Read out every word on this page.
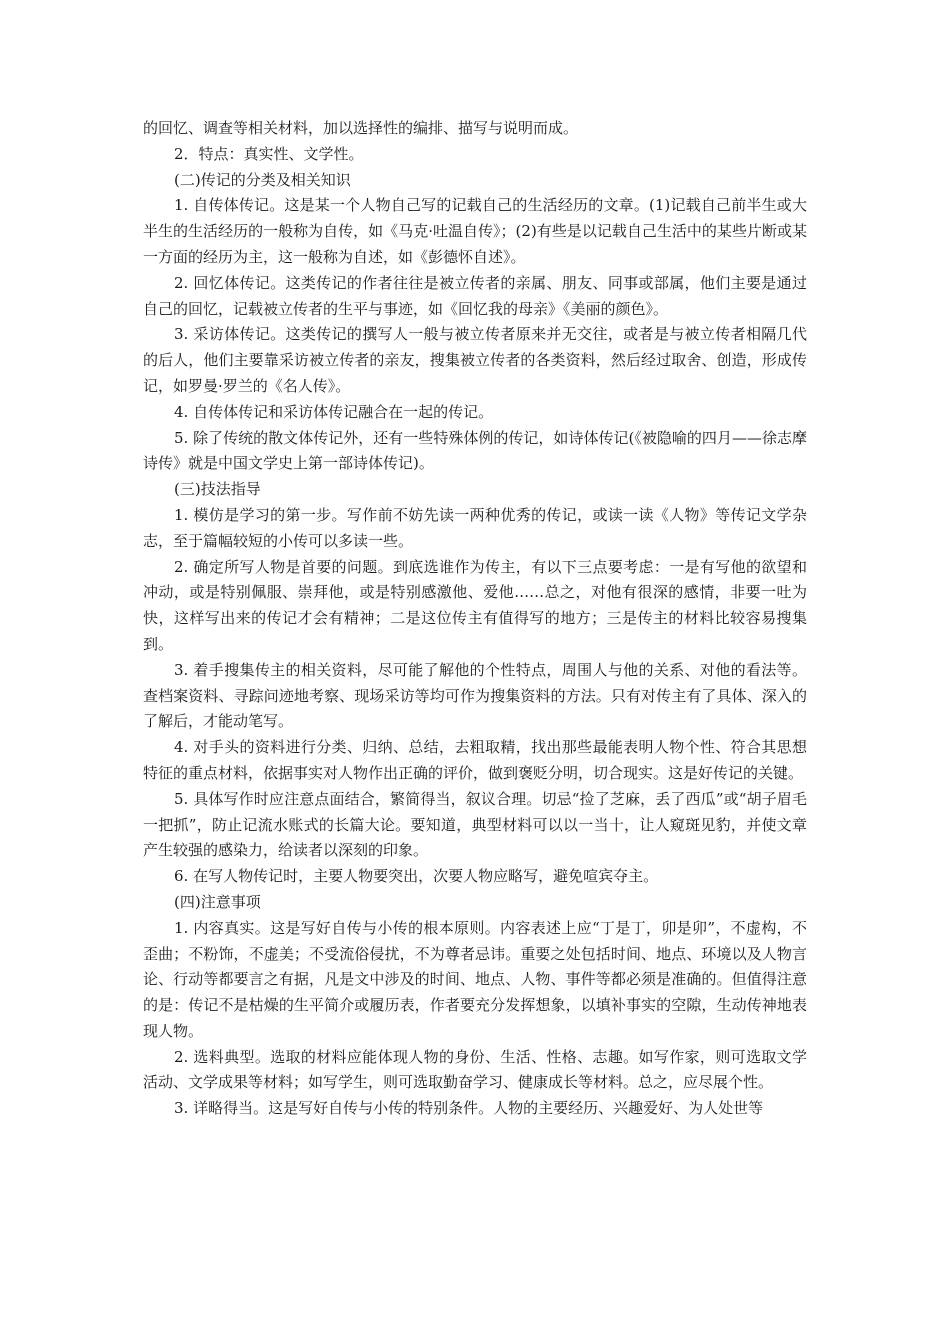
的回忆、调查等相关材料，加以选择性的编排、描写与说明而成。

2．特点：真实性、文学性。

(二)传记的分类及相关知识

1. 自传体传记。这是某一个人物自己写的记载自己的生活经历的文章。(1)记载自己前半生或大半生的生活经历的一般称为自传，如《马克·吐温自传》；(2)有些是以记载自己生活中的某些片断或某一方面的经历为主，这一般称为自述，如《彭德怀自述》。

2. 回忆体传记。这类传记的作者往往是被立传者的亲属、朋友、同事或部属，他们主要是通过自己的回忆，记载被立传者的生平与事迹，如《回忆我的母亲》《美丽的颜色》。

3. 采访体传记。这类传记的撰写人一般与被立传者原来并无交往，或者是与被立传者相隔几代的后人，他们主要靠采访被立传者的亲友，搜集被立传者的各类资料，然后经过取舍、创造，形成传记，如罗曼·罗兰的《名人传》。

4. 自传体传记和采访体传记融合在一起的传记。

5. 除了传统的散文体传记外，还有一些特殊体例的传记，如诗体传记(《被隐喻的四月——徐志摩诗传》就是中国文学史上第一部诗体传记)。

(三)技法指导

1. 模仿是学习的第一步。写作前不妨先读一两种优秀的传记，或读一读《人物》等传记文学杂志，至于篇幅较短的小传可以多读一些。

2. 确定所写人物是首要的问题。到底选谁作为传主，有以下三点要考虑：一是有写他的欲望和冲动，或是特别佩服、崇拜他，或是特别感激他、爱他……总之，对他有很深的感情，非要一吐为快，这样写出来的传记才会有精神；二是这位传主有值得写的地方；三是传主的材料比较容易搜集到。

3. 着手搜集传主的相关资料，尽可能了解他的个性特点，周围人与他的关系、对他的看法等。查档案资料、寻踪问迹地考察、现场采访等均可作为搜集资料的方法。只有对传主有了具体、深入的了解后，才能动笔写。

4. 对手头的资料进行分类、归纳、总结，去粗取精，找出那些最能表明人物个性、符合其思想特征的重点材料，依据事实对人物作出正确的评价，做到褒贬分明，切合现实。这是好传记的关键。

5. 具体写作时应注意点面结合，繁简得当，叙议合理。切忌“捡了芝麻，丢了西瓜”或“胡子眉毛一把抓”，防止记流水账式的长篇大论。要知道，典型材料可以以一当十，让人窥斑见豹，并使文章产生较强的感染力，给读者以深刻的印象。

6. 在写人物传记时，主要人物要突出，次要人物应略写，避免喧宾夺主。

(四)注意事项

1. 内容真实。这是写好自传与小传的根本原则。内容表述上应“丁是丁，卯是卯”，不虚构，不歪曲；不粉饰，不虚美；不受流俗侵扰，不为尊者忌讳。重要之处包括时间、地点、环境以及人物言论、行动等都要言之有据，凡是文中涉及的时间、地点、人物、事件等都必须是准确的。但值得注意的是：传记不是枯燥的生平简介或履历表，作者要充分发挥想象，以填补事实的空隙，生动传神地表现人物。

2. 选料典型。选取的材料应能体现人物的身份、生活、性格、志趣。如写作家，则可选取文学活动、文学成果等材料；如写学生，则可选取勤奋学习、健康成长等材料。总之，应尽展个性。

3. 详略得当。这是写好自传与小传的特别条件。人物的主要经历、兴趣爱好、为人处世等
